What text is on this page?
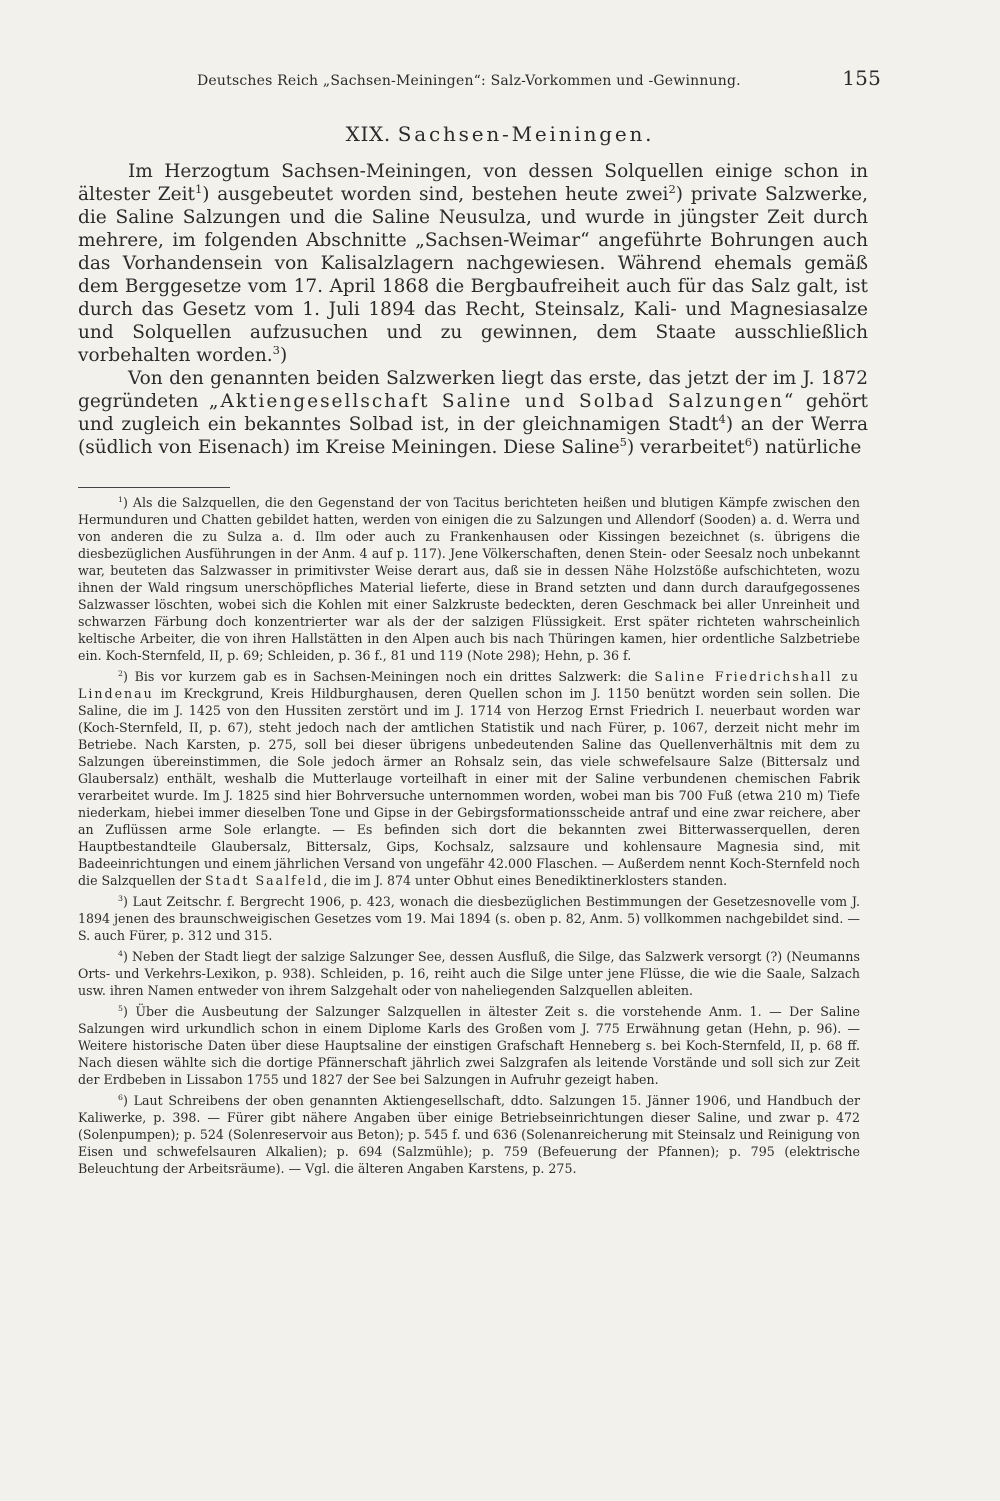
Deutsches Reich „Sachsen-Meiningen“: Salz-Vorkommen und -Gewinnung.	155
XIX. Sachsen-Meiningen.

Im Herzogtum Sachsen-Meiningen, von dessen Solquellen einige schon in ältester Zeit$^1$) ausgebeutet worden sind, bestehen heute zwei$^2$) private Salzwerke, die Saline Salzungen und die Saline Neusulza, und wurde in jüngster Zeit durch mehrere, im folgenden Abschnitte „Sachsen-Weimar“ angeführte Bohrungen auch das Vorhandensein von Kalisalzlagern nachgewiesen. Während ehemals gemäß dem Berggesetze vom 17. April 1868 die Bergbaufreiheit auch für das Salz galt, ist durch das Gesetz vom 1. Juli 1894 das Recht, Steinsalz, Kali- und Magnesiasalze und Solquellen aufzusuchen und zu gewinnen, dem Staate ausschließlich vorbehalten worden.$^3$)

Von den genannten beiden Salzwerken liegt das erste, das jetzt der im J. 1872 gegründeten „Aktiengesellschaft Saline und Solbad Salzungen“ gehört und zugleich ein bekanntes Solbad ist, in der gleichnamigen Stadt$^4$) an der Werra (südlich von Eisenach) im Kreise Meiningen. Diese Saline$^5$) verarbeitet$^6$) natürliche

$^1$) Als die Salzquellen, die den Gegenstand der von Tacitus berichteten heißen und blutigen Kämpfe zwischen den Hermunduren und Chatten gebildet hatten, werden von einigen die zu Salzungen und Allendorf (Sooden) a. d. Werra und von anderen die zu Sulza a. d. Ilm oder auch zu Frankenhausen oder Kissingen bezeichnet (s. übrigens die diesbezüglichen Ausführungen in der Anm. 4 auf p. 117). Jene Völkerschaften, denen Stein- oder Seesalz noch unbekannt war, beuteten das Salzwasser in primitivster Weise derart aus, daß sie in dessen Nähe Holzstöße aufschichteten, wozu ihnen der Wald ringsum unerschöpfliches Material lieferte, diese in Brand setzten und dann durch daraufgegossenes Salzwasser löschten, wobei sich die Kohlen mit einer Salzkruste bedeckten, deren Geschmack bei aller Unreinheit und schwarzen Färbung doch konzentrierter war als der der salzigen Flüssigkeit. Erst später richteten wahrscheinlich keltische Arbeiter, die von ihren Hallstätten in den Alpen auch bis nach Thüringen kamen, hier ordentliche Salzbetriebe ein. Koch-Sternfeld, II, p. 69; Schleiden, p. 36 f., 81 und 119 (Note 298); Hehn, p. 36 f.

$^2$) Bis vor kurzem gab es in Sachsen-Meiningen noch ein drittes Salzwerk: die Saline Friedrichshall zu Lindenau im Kreckgrund, Kreis Hildburghausen, deren Quellen schon im J. 1150 benützt worden sein sollen. Die Saline, die im J. 1425 von den Hussiten zerstört und im J. 1714 von Herzog Ernst Friedrich I. neuerbaut worden war (Koch-Sternfeld, II, p. 67), steht jedoch nach der amtlichen Statistik und nach Fürer, p. 1067, derzeit nicht mehr im Betriebe. Nach Karsten, p. 275, soll bei dieser übrigens unbedeutenden Saline das Quellenverhältnis mit dem zu Salzungen übereinstimmen, die Sole jedoch ärmer an Rohsalz sein, das viele schwefelsaure Salze (Bittersalz und Glaubersalz) enthält, weshalb die Mutterlauge vorteilhaft in einer mit der Saline verbundenen chemischen Fabrik verarbeitet wurde. Im J. 1825 sind hier Bohrversuche unternommen worden, wobei man bis 700 Fuß (etwa 210 m) Tiefe niederkam, hiebei immer dieselben Tone und Gipse in der Gebirgsformationsscheide antraf und eine zwar reichere, aber an Zuflüssen arme Sole erlangte. — Es befinden sich dort die bekannten zwei Bitterwasserquellen, deren Hauptbestandteile Glaubersalz, Bittersalz, Gips, Kochsalz, salzsaure und kohlensaure Magnesia sind, mit Badeeinrichtungen und einem jährlichen Versand von ungefähr 42.000 Flaschen. — Außerdem nennt Koch-Sternfeld noch die Salzquellen der Stadt Saalfeld, die im J. 874 unter Obhut eines Benediktinerklosters standen.

$^3$) Laut Zeitschr. f. Bergrecht 1906, p. 423, wonach die diesbezüglichen Bestimmungen der Gesetzesnovelle vom J. 1894 jenen des braunschweigischen Gesetzes vom 19. Mai 1894 (s. oben p. 82, Anm. 5) vollkommen nachgebildet sind. — S. auch Fürer, p. 312 und 315.

$^4$) Neben der Stadt liegt der salzige Salzunger See, dessen Ausfluß, die Silge, das Salzwerk versorgt (?) (Neumanns Orts- und Verkehrs-Lexikon, p. 938). Schleiden, p. 16, reiht auch die Silge unter jene Flüsse, die wie die Saale, Salzach usw. ihren Namen entweder von ihrem Salzgehalt oder von naheliegenden Salzquellen ableiten.

$^5$) Über die Ausbeutung der Salzunger Salzquellen in ältester Zeit s. die vorstehende Anm. 1. — Der Saline Salzungen wird urkundlich schon in einem Diplome Karls des Großen vom J. 775 Erwähnung getan (Hehn, p. 96). — Weitere historische Daten über diese Hauptsaline der einstigen Grafschaft Henneberg s. bei Koch-Sternfeld, II, p. 68 ff. Nach diesen wählte sich die dortige Pfännerschaft jährlich zwei Salzgrafen als leitende Vorstände und soll sich zur Zeit der Erdbeben in Lissabon 1755 und 1827 der See bei Salzungen in Aufruhr gezeigt haben.

$^6$) Laut Schreibens der oben genannten Aktiengesellschaft, ddto. Salzungen 15. Jänner 1906, und Handbuch der Kaliwerke, p. 398. — Fürer gibt nähere Angaben über einige Betriebseinrichtungen dieser Saline, und zwar p. 472 (Solenpumpen); p. 524 (Solenreservoir aus Beton); p. 545 f. und 636 (Solenanreicherung mit Steinsalz und Reinigung von Eisen und schwefelsauren Alkalien); p. 694 (Salzmühle); p. 759 (Befeuerung der Pfannen); p. 795 (elektrische Beleuchtung der Arbeitsräume). — Vgl. die älteren Angaben Karstens, p. 275.
